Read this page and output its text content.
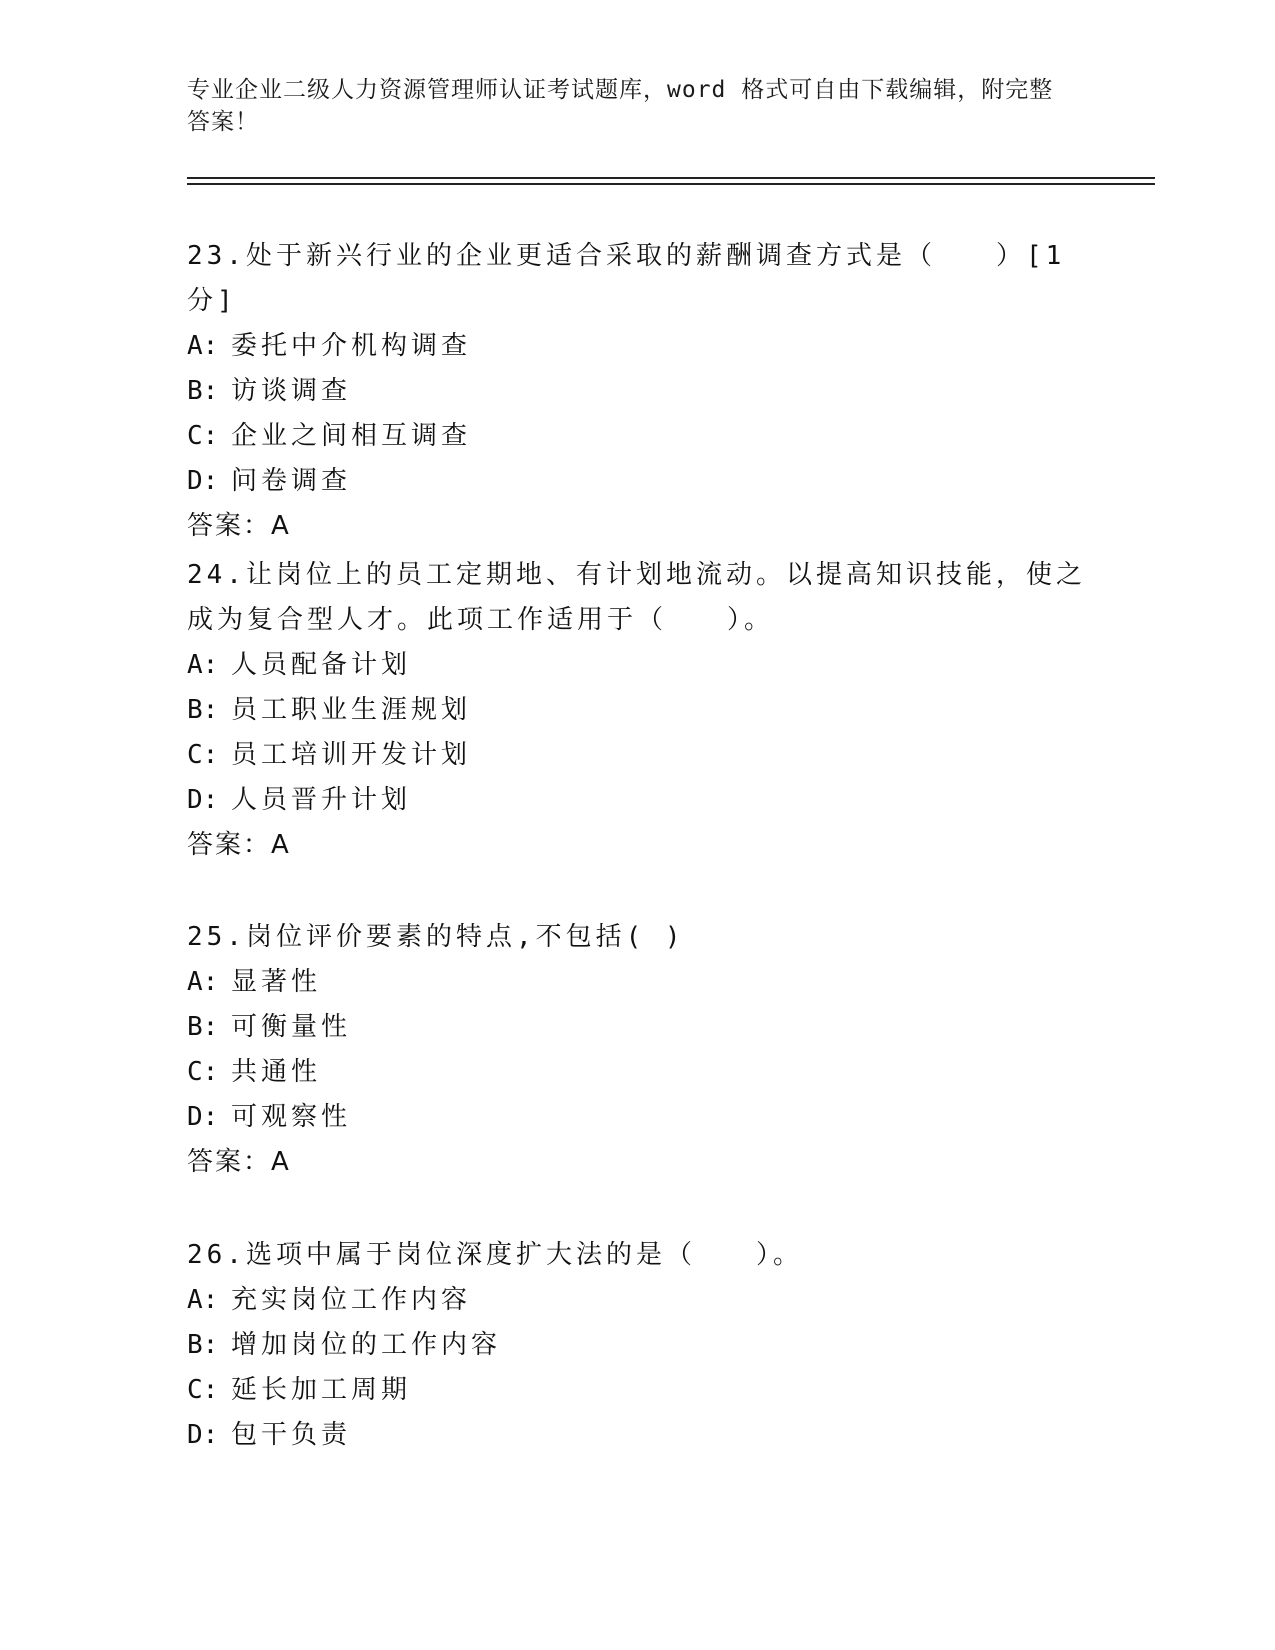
专业企业二级人力资源管理师认证考试题库，word 格式可自由下载编辑，附完整答案！

23.处于新兴行业的企业更适合采取的薪酬调查方式是（　　）[1 分]

A: 委托中介机构调查

B: 访谈调查

C: 企业之间相互调查

D: 问卷调查

答案：A

24.让岗位上的员工定期地、有计划地流动。以提高知识技能，使之成为复合型人才。此项工作适用于（　　）。

A: 人员配备计划

B: 员工职业生涯规划

C: 员工培训开发计划

D: 人员晋升计划

答案：A

25.岗位评价要素的特点,不包括( )

A: 显著性

B: 可衡量性

C: 共通性

D: 可观察性

答案：A

26.选项中属于岗位深度扩大法的是（　　）。

A: 充实岗位工作内容

B: 增加岗位的工作内容

C: 延长加工周期

D: 包干负责
